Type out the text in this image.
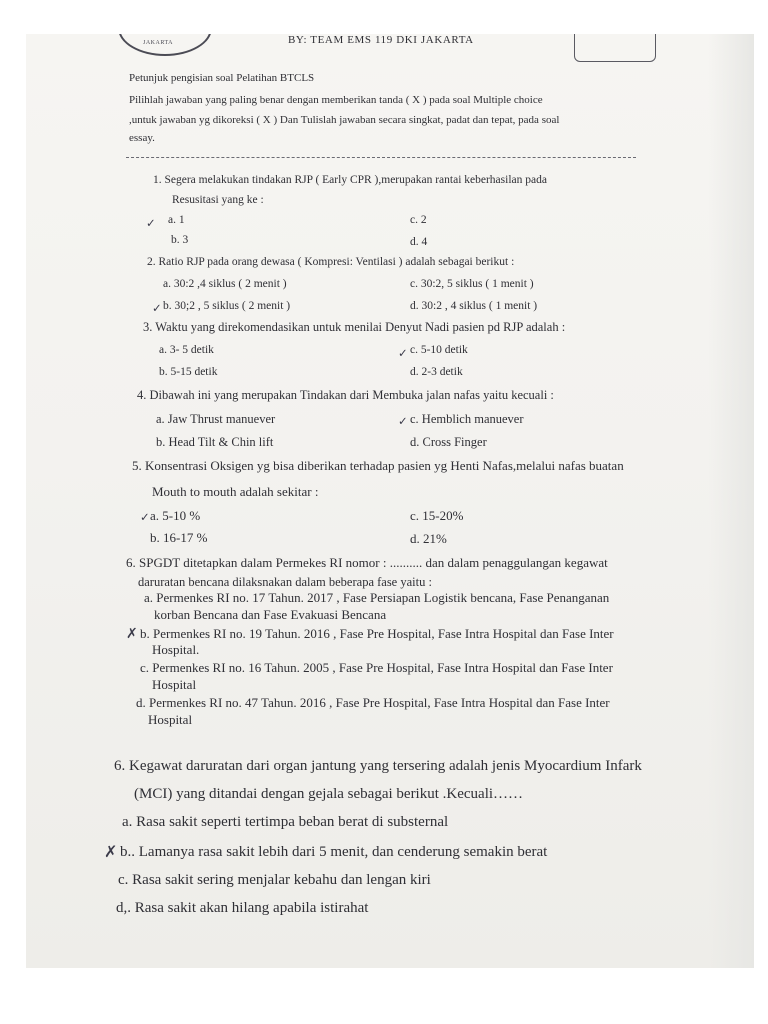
JAKARTA	BY: TEAM EMS 119 DKI JAKARTA
Petunjuk pengisian soal Pelatihan BTCLS
Pilihlah jawaban yang paling benar dengan memberikan tanda ( X ) pada soal Multiple choice
,untuk jawaban yg dikoreksi ( X ) Dan Tulislah jawaban secara singkat, padat dan tepat, pada soal
essay.
1. Segera melakukan tindakan RJP ( Early CPR ),merupakan rantai keberhasilan pada
Resusitasi yang ke :
✓ a. 1	c. 2
b. 3	d. 4
2. Ratio RJP pada orang dewasa ( Kompresi: Ventilasi ) adalah sebagai berikut :
a. 30:2 ,4 siklus ( 2 menit )	c. 30:2, 5 siklus ( 1 menit )
✓ b. 30;2 , 5 siklus ( 2 menit )	d. 30:2 , 4 siklus ( 1 menit )
3. Waktu yang direkomendasikan untuk menilai Denyut Nadi pasien pd RJP adalah :
a. 3- 5 detik	✓ c. 5-10 detik
b. 5-15 detik	d. 2-3 detik
4. Dibawah ini yang merupakan Tindakan dari Membuka jalan nafas yaitu kecuali :
a. Jaw Thrust manuever	✓ c. Hemblich manuever
b. Head Tilt & Chin lift	d. Cross Finger
5. Konsentrasi Oksigen yg bisa diberikan terhadap pasien yg Henti Nafas,melalui nafas buatan
Mouth to mouth adalah sekitar :
✓ a. 5-10 %	c. 15-20%
b. 16-17 %	d. 21%
6. SPGDT ditetapkan dalam Permekes RI nomor : .......... dan dalam penaggulangan kegawat
daruratan bencana dilaksnakan dalam beberapa fase yaitu :
a. Permenkes RI no. 17 Tahun. 2017 , Fase Persiapan Logistik bencana, Fase Penanganan
korban Bencana dan Fase Evakuasi Bencana
✗ b. Permenkes RI no. 19 Tahun. 2016 , Fase Pre Hospital, Fase Intra Hospital dan Fase Inter
Hospital.
c. Permenkes RI no. 16 Tahun. 2005 , Fase Pre Hospital, Fase Intra Hospital dan Fase Inter
Hospital
d. Permenkes RI no. 47 Tahun. 2016 , Fase Pre Hospital, Fase Intra Hospital dan Fase Inter
Hospital
6. Kegawat daruratan dari organ jantung yang tersering adalah jenis Myocardium Infark
(MCI) yang ditandai dengan gejala sebagai berikut .Kecuali……
a. Rasa sakit seperti tertimpa beban berat di substernal
✗ b.. Lamanya rasa sakit lebih dari 5 menit, dan cenderung semakin berat
c. Rasa sakit sering menjalar kebahu dan lengan kiri
d,. Rasa sakit akan hilang apabila istirahat
